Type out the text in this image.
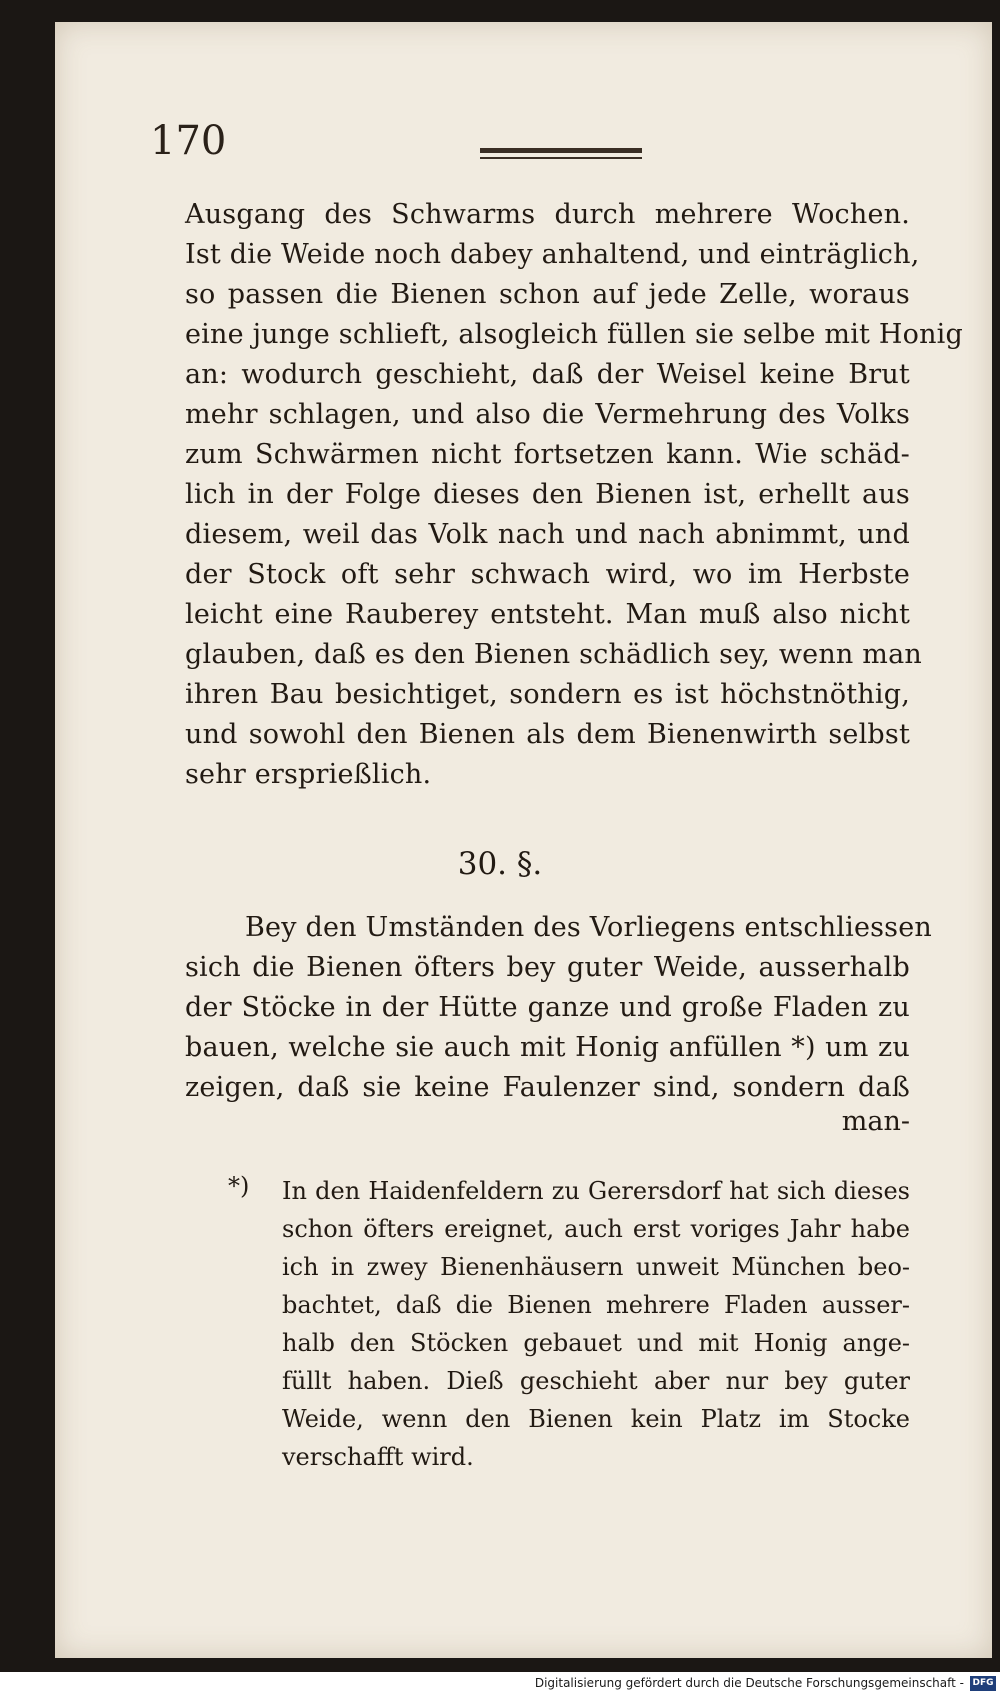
170
Ausgang des Schwarms durch mehrere Wochen.
Ist die Weide noch dabey anhaltend, und einträglich,
so passen die Bienen schon auf jede Zelle, woraus
eine junge schlieft, alsogleich füllen sie selbe mit Honig
an: wodurch geschieht, daß der Weisel keine Brut
mehr schlagen, und also die Vermehrung des Volks
zum Schwärmen nicht fortsetzen kann. Wie schäd-
lich in der Folge dieses den Bienen ist, erhellt aus
diesem, weil das Volk nach und nach abnimmt, und
der Stock oft sehr schwach wird, wo im Herbste
leicht eine Rauberey entsteht. Man muß also nicht
glauben, daß es den Bienen schädlich sey, wenn man
ihren Bau besichtiget, sondern es ist höchstnöthig,
und sowohl den Bienen als dem Bienenwirth selbst
sehr ersprießlich.
30. §.
Bey den Umständen des Vorliegens entschliessen
sich die Bienen öfters bey guter Weide, ausserhalb
der Stöcke in der Hütte ganze und große Fladen zu
bauen, welche sie auch mit Honig anfüllen *) um zu
zeigen, daß sie keine Faulenzer sind, sondern daß
man-
*) In den Haidenfeldern zu Gerersdorf hat sich dieses
schon öfters ereignet, auch erst voriges Jahr habe
ich in zwey Bienenhäusern unweit München beo-
bachtet, daß die Bienen mehrere Fladen ausser-
halb den Stöcken gebauet und mit Honig ange-
füllt haben. Dieß geschieht aber nur bey guter
Weide, wenn den Bienen kein Platz im Stocke
verschafft wird.
Digitalisierung gefördert durch die Deutsche Forschungsgemeinschaft - DFG
